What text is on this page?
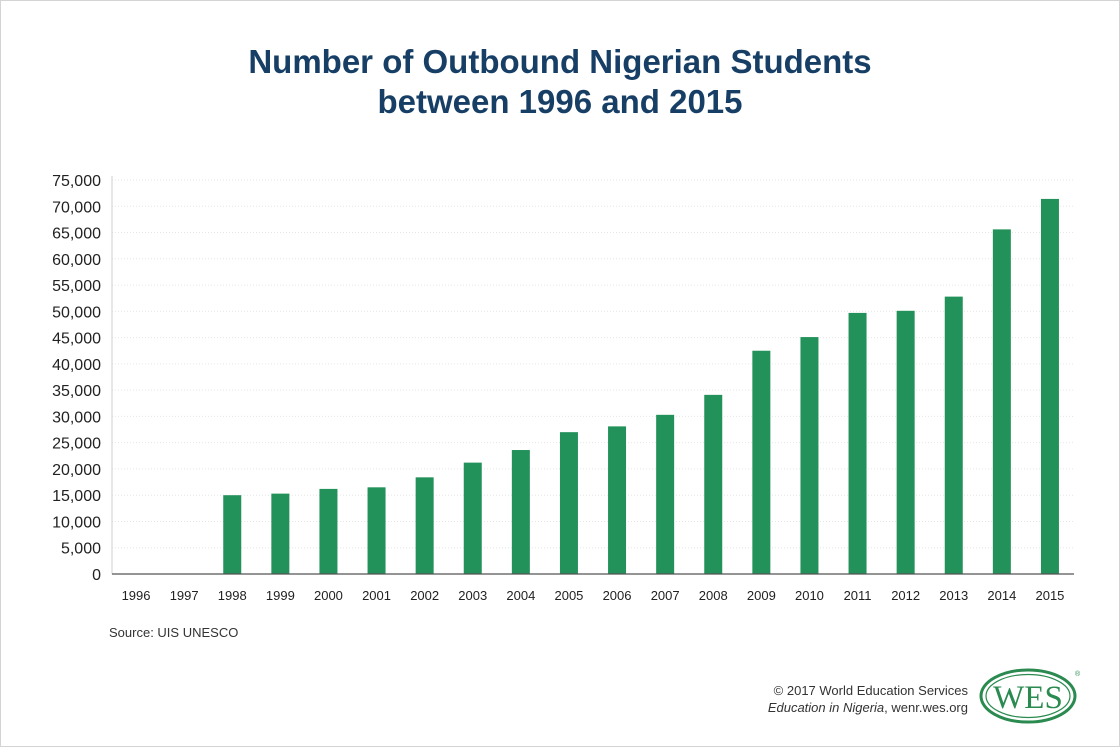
Number of Outbound Nigerian Students
between 1996 and 2015
0
5,000
10,000
15,000
20,000
25,000
30,000
35,000
40,000
45,000
50,000
55,000
60,000
65,000
70,000
75,000
1996 1997 1998 1999 2000 2001 2002 2003 2004 2005 2006 2007 2008 2009 2010 2011 2012 2013 2014 2015
Source: UIS UNESCO
© 2017 World Education Services
Education in Nigeria, wenr.wes.org WES
®
